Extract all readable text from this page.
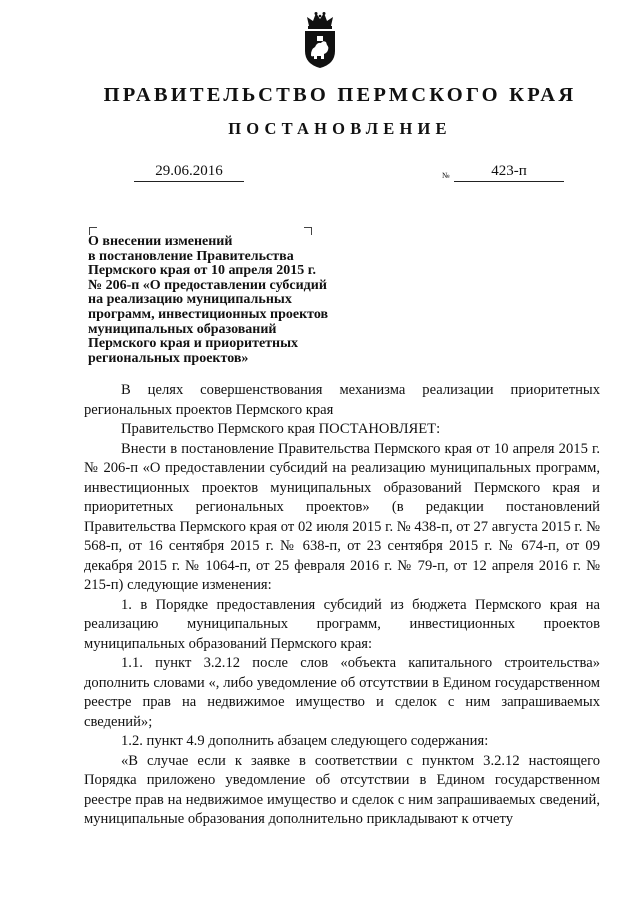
ПРАВИТЕЛЬСТВО ПЕРМСКОГО КРАЯ
ПОСТАНОВЛЕНИЕ
29.06.2016	№	423-п
О внесении изменений
в постановление Правительства
Пермского края от 10 апреля 2015 г.
№ 206-п «О предоставлении субсидий
на реализацию муниципальных
программ, инвестиционных проектов
муниципальных образований
Пермского края и приоритетных
региональных проектов»

В целях совершенствования механизма реализации приоритетных региональных проектов Пермского края

Правительство Пермского края ПОСТАНОВЛЯЕТ:

Внести в постановление Правительства Пермского края от 10 апреля 2015 г. № 206-п «О предоставлении субсидий на реализацию муниципальных программ, инвестиционных проектов муниципальных образований Пермского края и приоритетных региональных проектов» (в редакции постановлений Правительства Пермского края от 02 июля 2015 г. № 438-п, от 27 августа 2015 г. № 568-п, от 16 сентября 2015 г. № 638-п, от 23 сентября 2015 г. № 674-п, от 09 декабря 2015 г. № 1064-п, от 25 февраля 2016 г. № 79-п, от 12 апреля 2016 г. № 215-п) следующие изменения:

1. в Порядке предоставления субсидий из бюджета Пермского края на реализацию муниципальных программ, инвестиционных проектов муниципальных образований Пермского края:

1.1. пункт 3.2.12 после слов «объекта капитального строительства» дополнить словами «, либо уведомление об отсутствии в Едином государственном реестре прав на недвижимое имущество и сделок с ним запрашиваемых сведений»;

1.2. пункт 4.9 дополнить абзацем следующего содержания:

«В случае если к заявке в соответствии с пунктом 3.2.12 настоящего Порядка приложено уведомление об отсутствии в Едином государственном реестре прав на недвижимое имущество и сделок с ним запрашиваемых сведений, муниципальные образования дополнительно прикладывают к отчету
